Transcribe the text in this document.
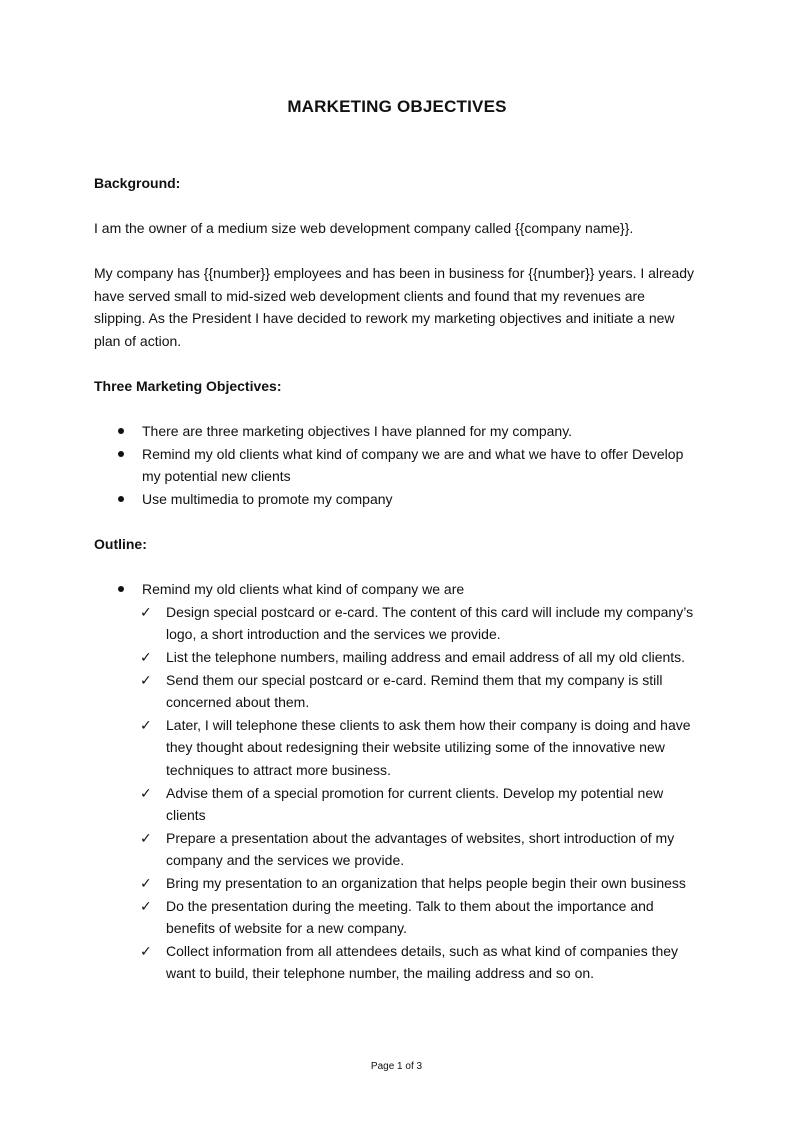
MARKETING OBJECTIVES
Background:

I am the owner of a medium size web development company called {{company name}}.

My company has {{number}} employees and has been in business for {{number}} years. I already have served small to mid-sized web development clients and found that my revenues are slipping. As the President I have decided to rework my marketing objectives and initiate a new plan of action.

Three Marketing Objectives:
There are three marketing objectives I have planned for my company.
Remind my old clients what kind of company we are and what we have to offer Develop my potential new clients
Use multimedia to promote my company
Outline:
Remind my old clients what kind of company we are
✓ Design special postcard or e-card. The content of this card will include my company’s logo, a short introduction and the services we provide.
✓ List the telephone numbers, mailing address and email address of all my old clients.
✓ Send them our special postcard or e-card. Remind them that my company is still concerned about them.
✓ Later, I will telephone these clients to ask them how their company is doing and have they thought about redesigning their website utilizing some of the innovative new techniques to attract more business.
✓ Advise them of a special promotion for current clients. Develop my potential new clients
✓ Prepare a presentation about the advantages of websites, short introduction of my company and the services we provide.
✓ Bring my presentation to an organization that helps people begin their own business
✓ Do the presentation during the meeting. Talk to them about the importance and benefits of website for a new company.
✓ Collect information from all attendees details, such as what kind of companies they want to build, their telephone number, the mailing address and so on.
Page 1 of 3
